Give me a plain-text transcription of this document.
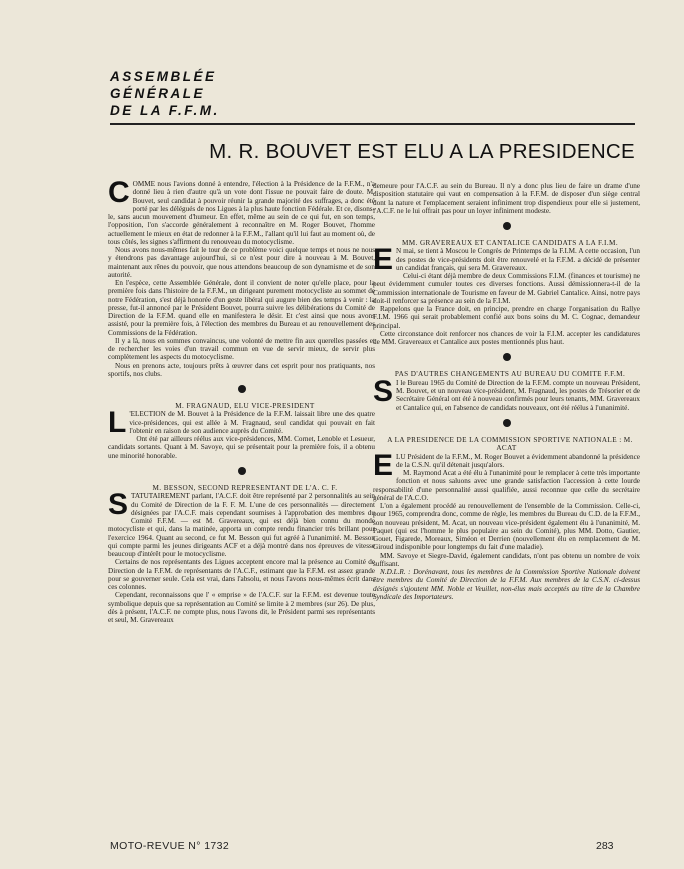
ASSEMBLÉE
GÉNÉRALE
DE LA F.F.M.
M. R. BOUVET EST ELU A LA PRESIDENCE

COMME nous l'avions donné à entendre, l'élection à la Présidence de la F.F.M., n'a donné lieu à rien d'autre qu'à un vote dont l'issue ne pouvait faire de doute. M. Bouvet, seul candidat à pouvoir réunir la grande majorité des suffrages, a donc été porté par les délégués de nos Ligues à la plus haute fonction Fédérale. Et ce, disons-le, sans aucun mouvement d'humeur. En effet, même au sein de ce qui fut, en son temps, l'opposition, l'on s'accorde généralement à reconnaître en M. Roger Bouvet, l'homme actuellement le mieux en état de redonner à la F.F.M., l'allant qu'il lui faut au moment où, de tous côtés, les signes s'affirment du renouveau du motocyclisme.

Nous avons nous-mêmes fait le tour de ce problème voici quelque temps et nous ne nous y étendrons pas davantage aujourd'hui, si ce n'est pour dire à nouveau à M. Bouvet, maintenant aux rênes du pouvoir, que nous attendons beaucoup de son dynamisme et de son autorité.

En l'espèce, cette Assemblée Générale, dont il convient de noter qu'elle place, pour la première fois dans l'histoire de la F.F.M., un dirigeant purement motocycliste au sommet de notre Fédération, s'est déjà honorée d'un geste libéral qui augure bien des temps à venir : la presse, fut-il annoncé par le Président Bouvet, pourra suivre les délibérations du Comité de Direction de la F.F.M. quand elle en manifestera le désir. Et c'est ainsi que nous avons assisté, pour la première fois, à l'élection des membres du Bureau et au renouvellement des Commissions de la Fédération.

Il y a là, nous en sommes convaincus, une volonté de mettre fin aux querelles passées et de rechercher les voies d'un travail commun en vue de servir mieux, de servir plus complètement les aspects du motocyclisme.

Nous en prenons acte, toujours prêts à œuvrer dans cet esprit pour nos pratiquants, nos sportifs, nos clubs.

M. FRAGNAUD, ELU VICE-PRESIDENT

L 'ELECTION de M. Bouvet à la Présidence de la F.F.M. laissait libre une des quatre vice-présidences, qui est allée à M. Fragnaud, seul candidat qui pouvait en fait l'obtenir en raison de son audience auprès du Comité.

Ont été par ailleurs réélus aux vice-présidences, MM. Cornet, Lenoble et Lesueur, candidats sortants. Quant à M. Savoye, qui se présentait pour la première fois, il a obtenu une minorité honorable.

M. BESSON, SECOND REPRESENTANT DE L'A. C. F.

STATUTAIREMENT parlant, l'A.C.F. doit être représenté par 2 personnalités au sein du Comité de Direction de la F. F. M. L'une de ces personnalités — directement désignées par l'A.C.F. mais cependant soumises à l'approbation des membres du Comité F.F.M. — est M. Gravereaux, qui est déjà bien connu du monde motocycliste et qui, dans la matinée, apporta un compte rendu financier très brillant pour l'exercice 1964. Quant au second, ce fut M. Besson qui fut agréé à l'unanimité. M. Besson qui compte parmi les jeunes dirigeants ACF et a déjà montré dans nos épreuves de vitesse beaucoup d'intérêt pour le motocyclisme.

Certains de nos représentants des Ligues acceptent encore mal la présence au Comité de Direction de la F.F.M. de représentants de l'A.C.F., estimant que la F.F.M. est assez grande pour se gouverner seule. Cela est vrai, dans l'absolu, et nous l'avons nous-mêmes écrit dans ces colonnes.

Cependant, reconnaissons que l' « emprise » de l'A.C.F. sur la F.F.M. est devenue toute symbolique depuis que sa représentation au Comité se limite à 2 membres (sur 26). De plus, dès à présent, l'A.C.F. ne compte plus, nous l'avons dit, le Président parmi ses représentants et seul, M. Gravereaux

demeure pour l'A.C.F. au sein du Bureau. Il n'y a donc plus lieu de faire un drame d'une disposition statutaire qui vaut en compensation à la F.F.M. de disposer d'un siège central dont la nature et l'emplacement seraient infiniment trop dispendieux pour elle si justement, l'A.C.F. ne le lui offrait pas pour un loyer infiniment modeste.

MM. GRAVEREAUX ET CANTALICE CANDIDATS A LA F.I.M.

E N mai, se tient à Moscou le Congrès de Printemps de la F.I.M. A cette occasion, l'un des postes de vice-présidents doit être renouvelé et la F.F.M. a décidé de présenter un candidat français, qui sera M. Gravereaux.

Celui-ci étant déjà membre de deux Commissions F.I.M. (finances et tourisme) ne peut évidemment cumuler toutes ces diverses fonctions. Aussi démissionnera-t-il de la Commission internationale de Tourisme en faveur de M. Gabriel Cantalice. Ainsi, notre pays doit-il renforcer sa présence au sein de la F.I.M.

Rappelons que la France doit, en principe, prendre en charge l'organisation du Rallye F.I.M. 1966 qui serait probablement confié aux bons soins du M. C. Cognac, demandeur principal.

Cette circonstance doit renforcer nos chances de voir la F.I.M. accepter les candidatures de MM. Gravereaux et Cantalice aux postes mentionnés plus haut.

PAS D'AUTRES CHANGEMENTS AU BUREAU DU COMITE F.F.M.

S I le Bureau 1965 du Comité de Direction de la F.F.M. compte un nouveau Président, M. Bouvet, et un nouveau vice-président, M. Fragnaud, les postes de Trésorier et de Secrétaire Général ont été à nouveau confirmés pour leurs tenants, MM. Gravereaux et Cantalice qui, en l'absence de candidats nouveaux, ont été réélus à l'unanimité.

A LA PRESIDENCE DE LA COMMISSION SPORTIVE NATIONALE : M. ACAT

ELU Président de la F.F.M., M. Roger Bouvet a évidemment abandonné la présidence de la C.S.N. qu'il détenait jusqu'alors.

M. Raymond Acat a été élu à l'unanimité pour le remplacer à cette très importante fonction et nous saluons avec une grande satisfaction l'accession à cette lourde responsabilité d'une personnalité aussi qualifiée, aussi reconnue que celle du secrétaire général de l'A.C.O.

L'on a également procédé au renouvellement de l'ensemble de la Commission. Celle-ci, pour 1965, comprendra donc, comme de règle, les membres du Bureau du C.D. de la F.F.M., son nouveau président, M. Acat, un nouveau vice-président également élu à l'unanimité, M. Paquet (qui est l'homme le plus populaire au sein du Comité), plus MM. Dotto, Gautier, Gouet, Figarede, Moreaux, Siméon et Derrien (nouvellement élu en remplacement de M. Giroud indisponible pour longtemps du fait d'une maladie).

MM. Savoye et Siegre-David, également candidats, n'ont pas obtenu un nombre de voix suffisant.

N.D.L.R. : Dorénavant, tous les membres de la Commission Sportive Nationale doivent être membres du Comité de Direction de la F.F.M. Aux membres de la C.S.N. ci-dessus désignés s'ajoutent MM. Noble et Veuillet, non-élus mais acceptés au titre de la Chambre Syndicale des Importateurs.

MOTO-REVUE N° 1732	283
